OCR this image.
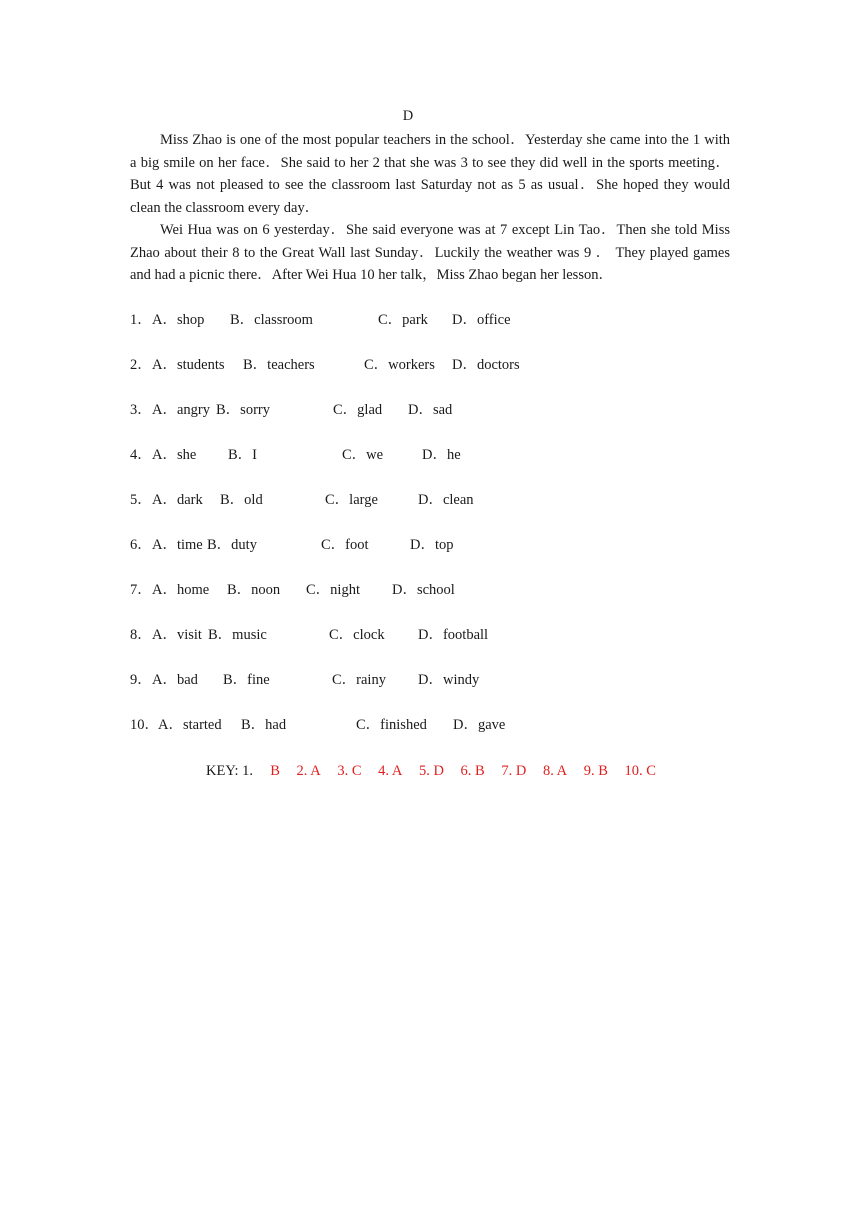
D

Miss Zhao is one of the most popular teachers in the school．Yesterday she came into the 1 with a big smile on her face．She said to her 2 that she was 3 to see they did well in the sports meeting．But 4 was not pleased to see the classroom last Saturday not as 5 as usual．She hoped they would clean the classroom every day．

Wei Hua was on 6 yesterday．She said everyone was at 7 except Lin Tao．Then she told Miss Zhao about their 8 to the Great Wall last Sunday．Luckily the weather was 9 ． They played games and had a picnic there．After Wei Hua 10 her talk，Miss Zhao began her lesson．

1． A．shop B．classroom	C．park D．office
2． A．students B．teachers	C．workers D．doctors
3． A．angry B．sorry	C．glad D．sad
4． A．she B．I	C．we	D．he
5． A．dark B．old	C．large	D．clean
6． A．time B．duty	C．foot	D．top
7． A．home B．noon C．night D．school
8． A．visit B．music	C．clock D．football
9． A．bad B．fine	C．rainy D．windy
10． A．started B．had	C．finished D．gave
KEY: 1. B 2. A 3. C 4. A 5. D 6. B 7. D 8. A 9. B 10. C
